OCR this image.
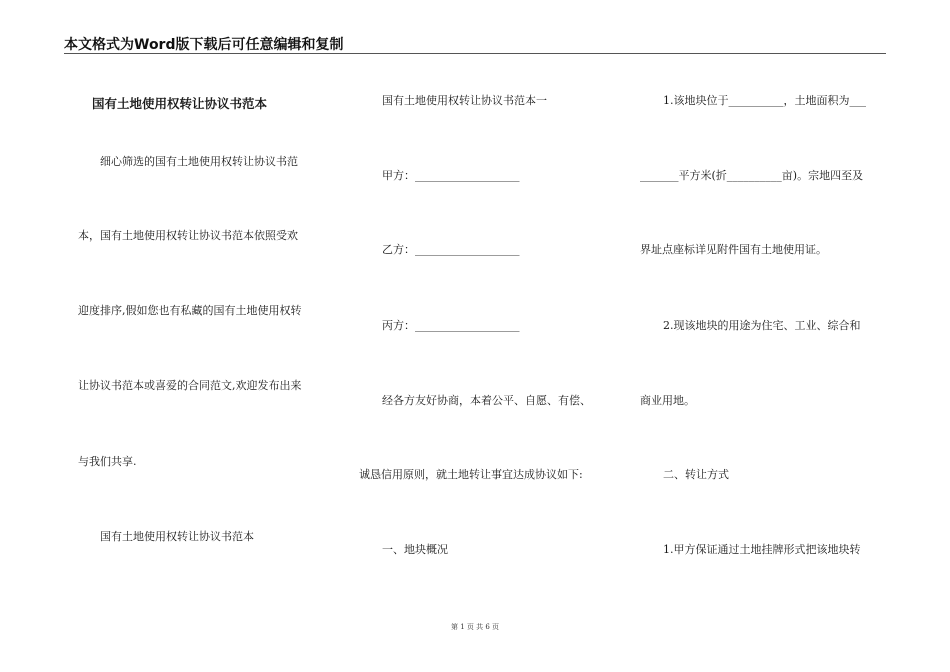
本文格式为Word版下载后可任意编辑和复制
国有土地使用权转让协议书范本
细心筛选的国有土地使用权转让协议书范
本，国有土地使用权转让协议书范本依照受欢
迎度排序,假如您也有私藏的国有土地使用权转
让协议书范本或喜爱的合同范文,欢迎发布出来
与我们共享.
国有土地使用权转让协议书范本
国有土地使用权转让协议书范本一
甲方：___________________
乙方：___________________
丙方：___________________
经各方友好协商，本着公平、自愿、有偿、
诚恳信用原则，就土地转让事宜达成协议如下:
一、地块概况
1.该地块位于__________，土地面积为___
_______平方米(折__________亩)。宗地四至及
界址点座标详见附件国有土地使用证。
2.现该地块的用途为住宅、工业、综合和
商业用地。
二、转让方式
1.甲方保证通过土地挂牌形式把该地块转
第 1 页 共 6 页
